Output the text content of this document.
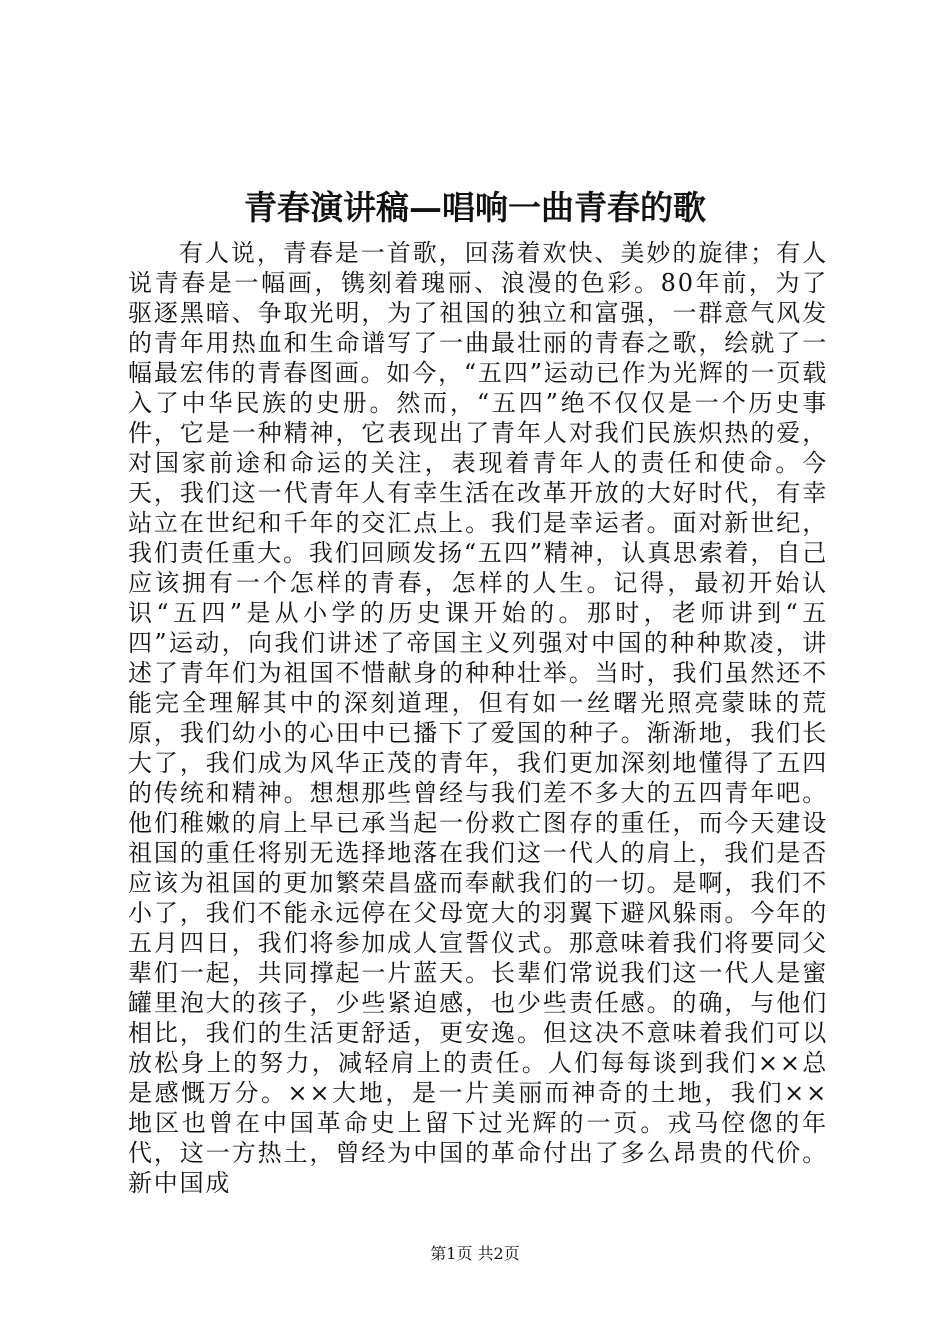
青春演讲稿—唱响一曲青春的歌

有人说，青春是一首歌，回荡着欢快、美妙的旋律；有人说青春是一幅画，镌刻着瑰丽、浪漫的色彩。80年前，为了驱逐黑暗、争取光明，为了祖国的独立和富强，一群意气风发的青年用热血和生命谱写了一曲最壮丽的青春之歌，绘就了一幅最宏伟的青春图画。如今，“五四”运动已作为光辉的一页载入了中华民族的史册。然而，“五四”绝不仅仅是一个历史事件，它是一种精神，它表现出了青年人对我们民族炽热的爱，对国家前途和命运的关注，表现着青年人的责任和使命。今天，我们这一代青年人有幸生活在改革开放的大好时代，有幸站立在世纪和千年的交汇点上。我们是幸运者。面对新世纪，我们责任重大。我们回顾发扬“五四”精神，认真思索着，自己应该拥有一个怎样的青春，怎样的人生。记得，最初开始认识“五四”是从小学的历史课开始的。那时，老师讲到“五四”运动，向我们讲述了帝国主义列强对中国的种种欺凌，讲述了青年们为祖国不惜献身的种种壮举。当时，我们虽然还不能完全理解其中的深刻道理，但有如一丝曙光照亮蒙昧的荒原，我们幼小的心田中已播下了爱国的种子。渐渐地，我们长大了，我们成为风华正茂的青年，我们更加深刻地懂得了五四的传统和精神。想想那些曾经与我们差不多大的五四青年吧。他们稚嫩的肩上早已承当起一份救亡图存的重任，而今天建设祖国的重任将别无选择地落在我们这一代人的肩上，我们是否应该为祖国的更加繁荣昌盛而奉献我们的一切。是啊，我们不小了，我们不能永远停在父母宽大的羽翼下避风躲雨。今年的五月四日，我们将参加成人宣誓仪式。那意味着我们将要同父辈们一起，共同撑起一片蓝天。长辈们常说我们这一代人是蜜罐里泡大的孩子，少些紧迫感，也少些责任感。的确，与他们相比，我们的生活更舒适，更安逸。但这决不意味着我们可以放松身上的努力，减轻肩上的责任。人们每每谈到我们××总是感慨万分。××大地，是一片美丽而神奇的土地，我们××地区也曾在中国革命史上留下过光辉的一页。戎马倥偬的年代，这一方热土，曾经为中国的革命付出了多么昂贵的代价。新中国成

第1页 共2页
